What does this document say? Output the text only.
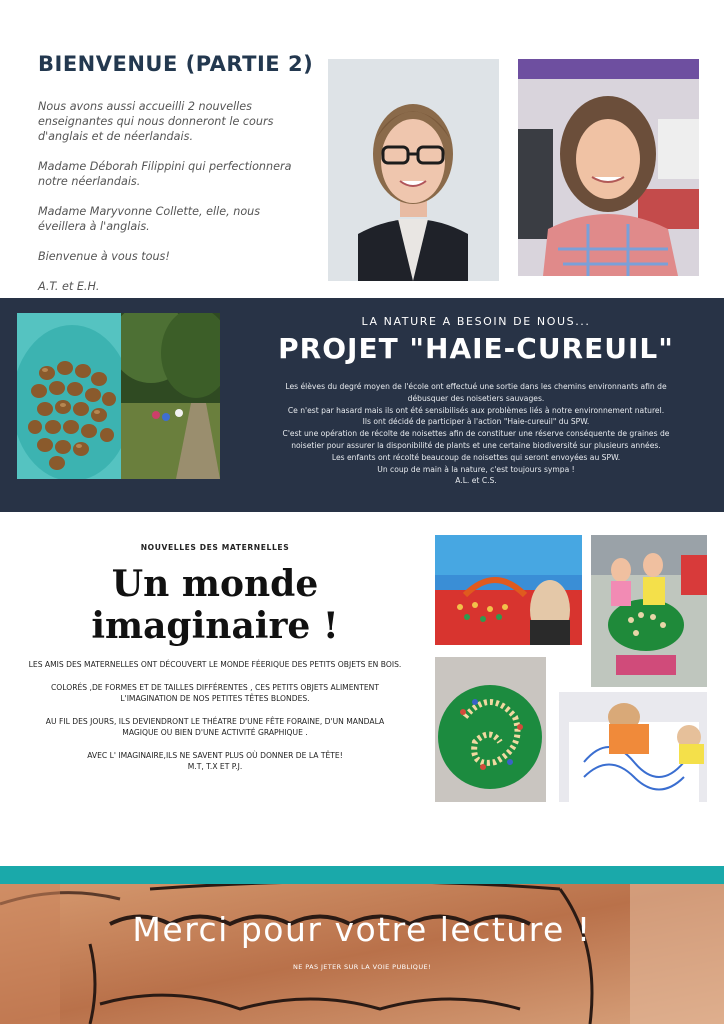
BIENVENUE (PARTIE 2)

Nous avons aussi accueilli 2 nouvelles
enseignantes qui nous donneront le cours
d'anglais et de néerlandais.

Madame Déborah Filippini qui perfectionnera
notre néerlandais.

Madame Maryvonne Collette, elle, nous
éveillera à l'anglais.

Bienvenue à vous tous!

A.T. et E.H.

LA NATURE A BESOIN DE NOUS...
PROJET "HAIE-CUREUIL"
Les élèves du degré moyen de l'école ont effectué une sortie dans les chemins environnants afin de
débusquer des noisetiers sauvages.
Ce n'est par hasard mais ils ont été sensibilisés aux problèmes liés à notre environnement naturel.
Ils ont décidé de participer à l'action "Haie-cureuil" du SPW.
C'est une opération de récolte de noisettes afin de constituer une réserve conséquente de graines de
noisetier pour assurer la disponibilité de plants et une certaine biodiversité sur plusieurs années.
Les enfants ont récolté beaucoup de noisettes qui seront envoyées au SPW.
Un coup de main à la nature, c'est toujours sympa !
A.L. et C.S.
NOUVELLES DES MATERNELLES
Un monde
imaginaire !

LES AMIS DES MATERNELLES ONT DÉCOUVERT LE MONDE FÉERIQUE DES PETITS OBJETS EN BOIS.

COLORÉS ,DE FORMES ET DE TAILLES DIFFÉRENTES , CES PETITS OBJETS ALIMENTENT
L'IMAGINATION DE NOS PETITES TÊTES BLONDES.

AU FIL DES JOURS, ILS DEVIENDRONT LE THÉATRE D'UNE FÊTE FORAINE, D'UN MANDALA
MAGIQUE OU BIEN D'UNE ACTIVITÉ GRAPHIQUE .

AVEC L' IMAGINAIRE,ILS NE SAVENT PLUS OÙ DONNER DE LA TÊTE!
M.T, T.X ET P.J.

Merci pour votre lecture !
NE PAS JETER SUR LA VOIE PUBLIQUE!
